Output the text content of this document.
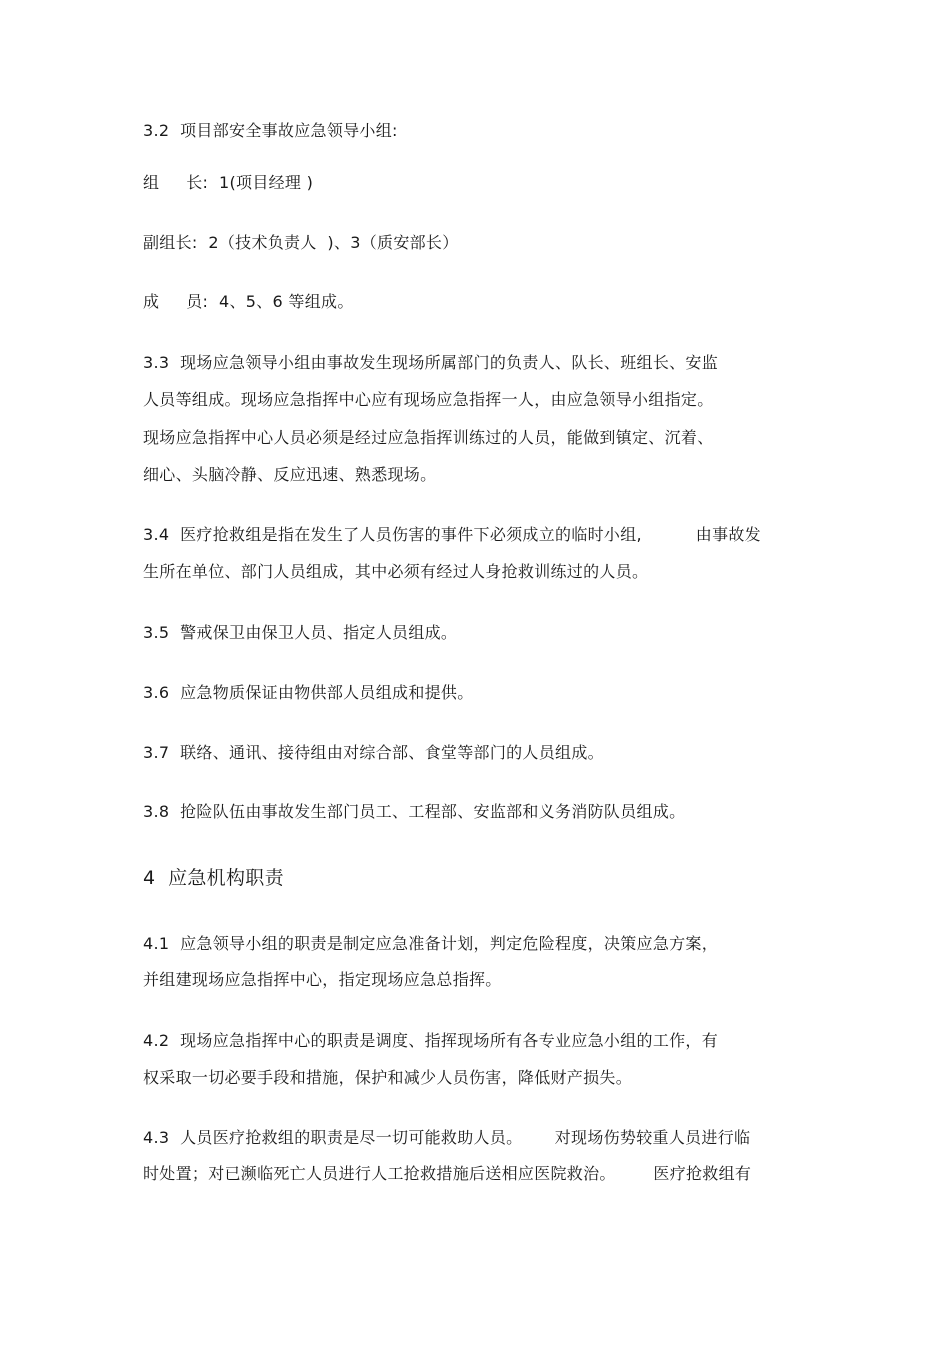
3.2  项目部安全事故应急领导小组:
组     长:  1(项目经理 )
副组长:  2（技术负责人  )、3（质安部长）
成     员:  4、5、6 等组成。
3.3  现场应急领导小组由事故发生现场所属部门的负责人、队长、班组长、安监
人员等组成。现场应急指挥中心应有现场应急指挥一人，由应急领导小组指定。
现场应急指挥中心人员必须是经过应急指挥训练过的人员，能做到镇定、沉着、
细心、头脑冷静、反应迅速、熟悉现场。
3.4  医疗抢救组是指在发生了人员伤害的事件下必须成立的临时小组,          由事故发
生所在单位、部门人员组成，其中必须有经过人身抢救训练过的人员。
3.5  警戒保卫由保卫人员、指定人员组成。
3.6  应急物质保证由物供部人员组成和提供。
3.7  联络、通讯、接待组由对综合部、食堂等部门的人员组成。
3.8  抢险队伍由事故发生部门员工、工程部、安监部和义务消防队员组成。
4  应急机构职责
4.1  应急领导小组的职责是制定应急准备计划，判定危险程度，决策应急方案，
并组建现场应急指挥中心，指定现场应急总指挥。
4.2  现场应急指挥中心的职责是调度、指挥现场所有各专业应急小组的工作，有
权采取一切必要手段和措施，保护和减少人员伤害，降低财产损失。
4.3  人员医疗抢救组的职责是尽一切可能救助人员。      对现场伤势较重人员进行临
时处置；对已濒临死亡人员进行人工抢救措施后送相应医院救治。       医疗抢救组有
